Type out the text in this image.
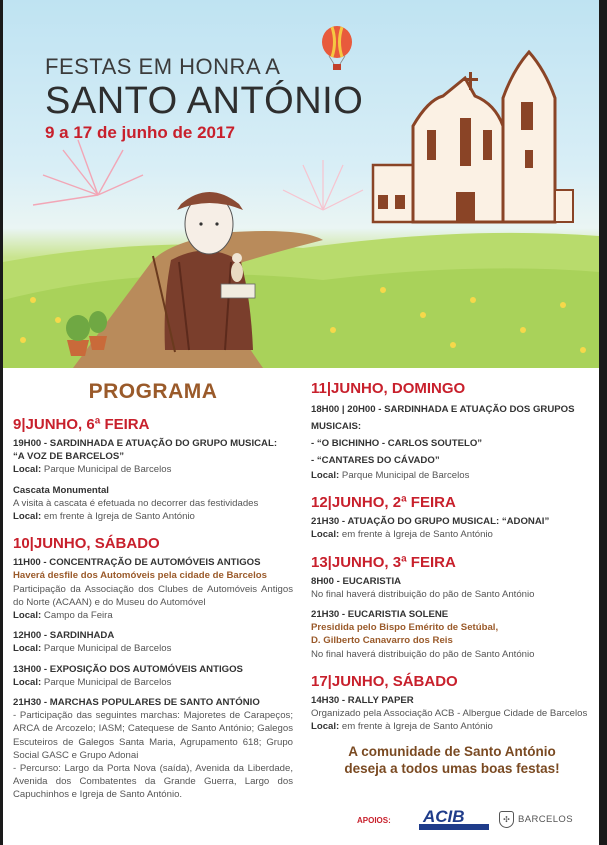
FESTAS EM HONRA A
SANTO ANTÓNIO
9 a 17 de junho de 2017
PROGRAMA
9|JUNHO, 6ª FEIRA
19H00 - SARDINHADA E ATUAÇÃO DO GRUPO MUSICAL:
“A VOZ DE BARCELOS”
Local: Parque Municipal de Barcelos
Cascata Monumental
A visita à cascata é efetuada no decorrer das festividades
Local: em frente à Igreja de Santo António
10|JUNHO, SÁBADO
11H00 - CONCENTRAÇÃO DE AUTOMÓVEIS ANTIGOS
Haverá desfile dos Automóveis pela cidade de Barcelos
Participação da Associação dos Clubes de Automóveis Antigos do Norte (ACAAN) e do Museu do Automóvel
Local: Campo da Feira
12H00 - SARDINHADA
Local: Parque Municipal de Barcelos
13H00 - EXPOSIÇÃO DOS AUTOMÓVEIS ANTIGOS
Local: Parque Municipal de Barcelos
21H30 - MARCHAS POPULARES DE SANTO ANTÓNIO
- Participação das seguintes marchas: Majoretes de Carapeços; ARCA de Arcozelo; IASM; Catequese de Santo António; Galegos Escuteiros de Galegos Santa Maria, Agrupamento 618; Grupo Social GASC e Grupo Adonai
- Percurso: Largo da Porta Nova (saída), Avenida da Liberdade, Avenida dos Combatentes da Grande Guerra, Largo dos Capuchinhos e Igreja de Santo António.
11|JUNHO, DOMINGO
18H00 | 20H00 - SARDINHADA E ATUAÇÃO DOS GRUPOS MUSICAIS:
- “O BICHINHO - CARLOS SOUTELO”
- “CANTARES DO CÁVADO”
Local: Parque Municipal de Barcelos
12|JUNHO, 2ª FEIRA
21H30 - ATUAÇÃO DO GRUPO MUSICAL: “ADONAI”
Local: em frente à Igreja de Santo António
13|JUNHO, 3ª FEIRA
8H00 - EUCARISTIA
No final haverá distribuição do pão de Santo António
21H30 - EUCARISTIA SOLENE
Presidida pelo Bispo Emérito de Setúbal,
D. Gilberto Canavarro dos Reis
No final haverá distribuição do pão de Santo António
17|JUNHO, SÁBADO
14H30 - RALLY PAPER
Organizado pela Associação ACB - Albergue Cidade de Barcelos
Local: em frente à Igreja de Santo António
A comunidade de Santo António
deseja a todos umas boas festas!
APOIOS: ACIB	✣ BARCELOS
